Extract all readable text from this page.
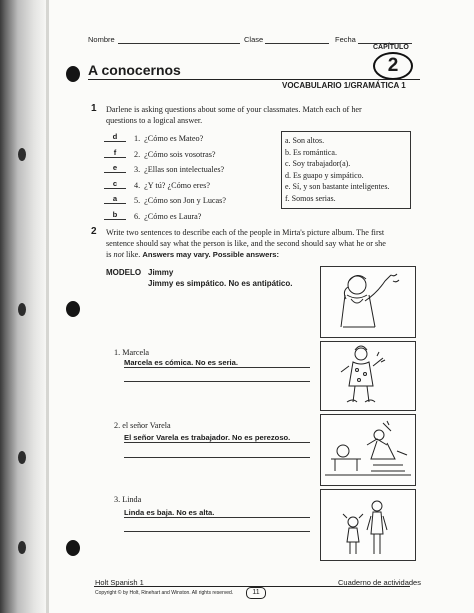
Nombre	Clase	Fecha
CAPÍTULO
2
A conocernos
VOCABULARIO 1/GRAMÁTICA 1
1 Darlene is asking questions about some of your classmates. Match each of her
questions to a logical answer.
d	1. ¿Cómo es Mateo?
f	2. ¿Cómo sois vosotras?
e	3. ¿Ellas son intelectuales?
c	4. ¿Y tú? ¿Cómo eres?
a	5. ¿Cómo son Jon y Lucas?
b	6. ¿Cómo es Laura?
a. Son altos.
b. Es romántica.
c. Soy trabajador(a).
d. Es guapo y simpático.
e. Sí, y son bastante inteligentes.
f. Somos serias.
2 Write two sentences to describe each of the people in Mirta's picture album. The first
sentence should say what the person is like, and the second should say what he or she
is not like. Answers may vary. Possible answers:
MODELO Jimmy
Jimmy es simpático. No es antipático.
1. Marcela
Marcela es cómica. No es seria.
2. el señor Varela
El señor Varela es trabajador. No es perezoso.
3. Linda
Linda es baja. No es alta.
Holt Spanish 1	Cuaderno de actividades
Copyright © by Holt, Rinehart and Winston. All rights reserved.	11
